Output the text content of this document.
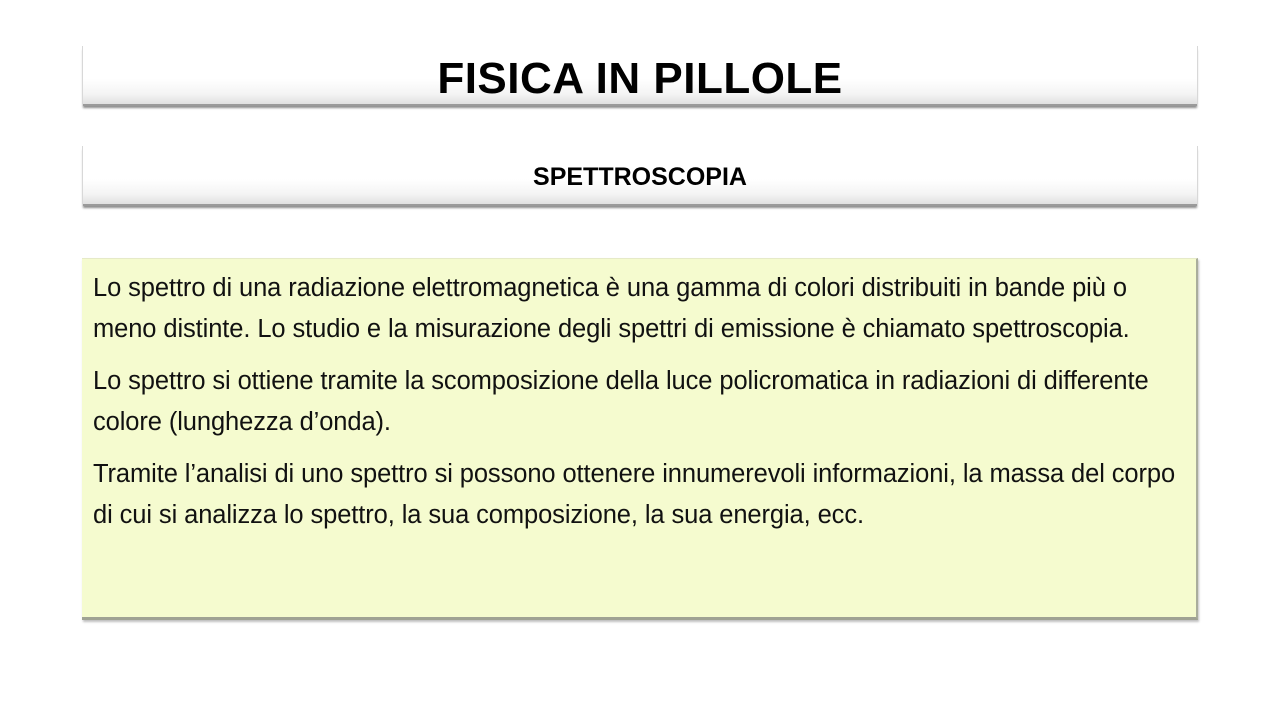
FISICA IN PILLOLE
SPETTROSCOPIA

Lo spettro di una radiazione elettromagnetica è una gamma di colori distribuiti in bande più o meno distinte. Lo studio e la misurazione degli spettri di emissione è chiamato spettroscopia.

Lo spettro si ottiene tramite la scomposizione della luce policromatica in radiazioni di differente colore (lunghezza d’onda).

Tramite l’analisi di uno spettro si possono ottenere innumerevoli informazioni, la massa del corpo di cui si analizza lo spettro, la sua composizione, la sua energia, ecc.
